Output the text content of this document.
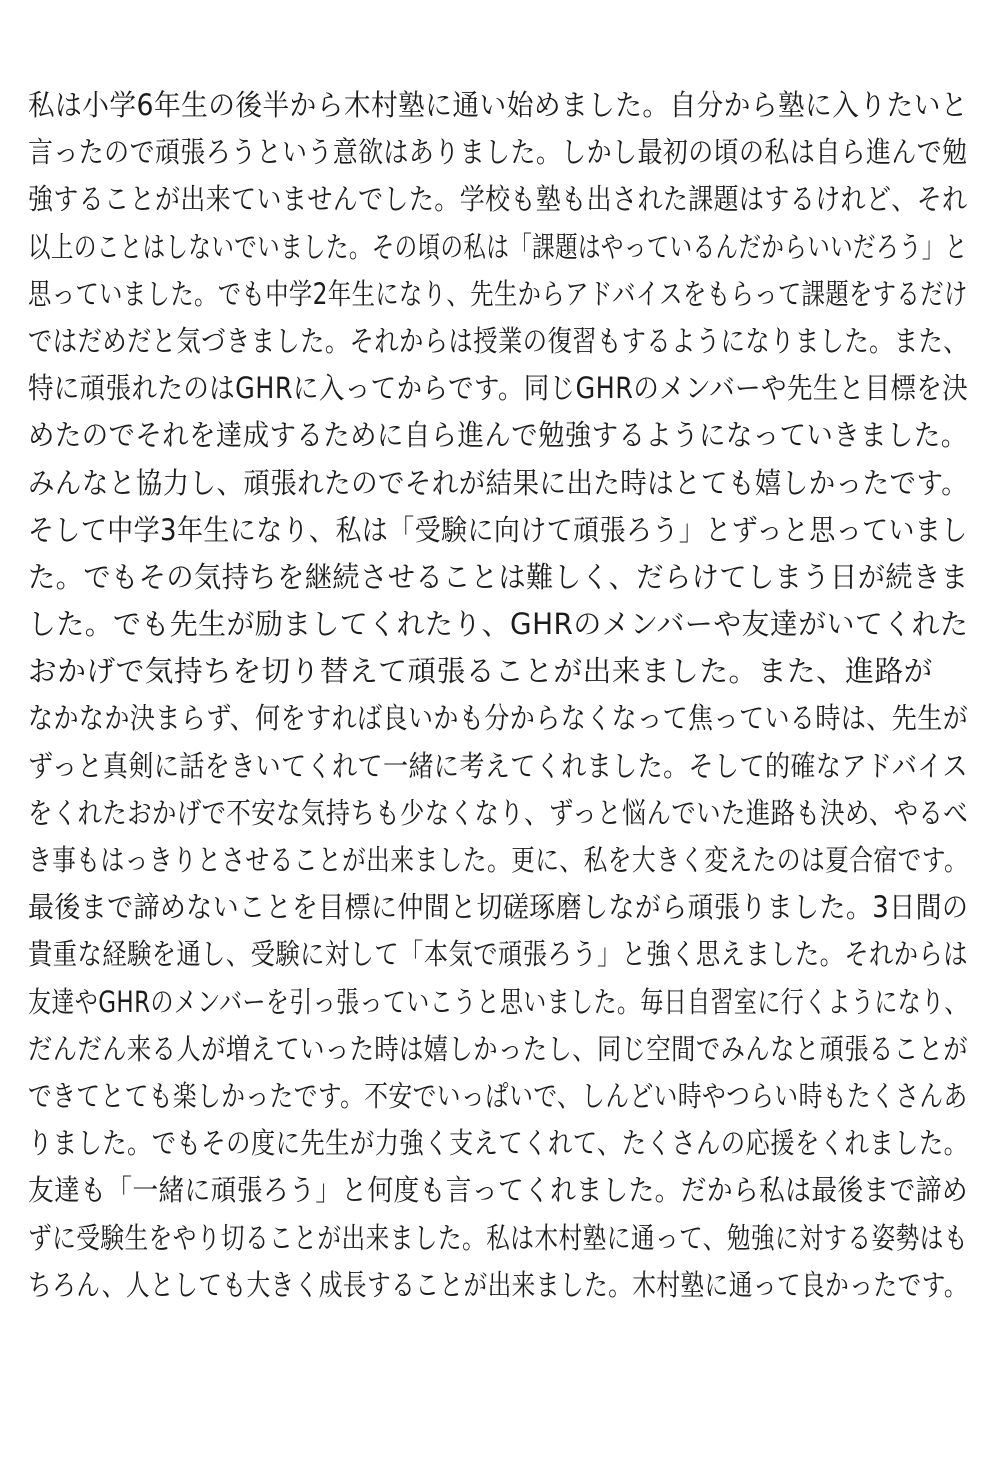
私は小学6年生の後半から木村塾に通い始めました。自分から塾に入りたいと
言ったので頑張ろうという意欲はありました。しかし最初の頃の私は自ら進んで勉
強することが出来ていませんでした。学校も塾も出された課題はするけれど、それ
以上のことはしないでいました。その頃の私は「課題はやっているんだからいいだろう」と
思っていました。でも中学2年生になり、先生からアドバイスをもらって課題をするだけ
ではだめだと気づきました。それからは授業の復習もするようになりました。また、
特に頑張れたのはGHRに入ってからです。同じGHRのメンバーや先生と目標を決
めたのでそれを達成するために自ら進んで勉強するようになっていきました。
みんなと協力し、頑張れたのでそれが結果に出た時はとても嬉しかったです。
そして中学3年生になり、私は「受験に向けて頑張ろう」とずっと思っていまし
た。でもその気持ちを継続させることは難しく、だらけてしまう日が続きま
した。でも先生が励ましてくれたり、GHRのメンバーや友達がいてくれた
おかげで気持ちを切り替えて頑張ることが出来ました。また、進路が
なかなか決まらず、何をすれば良いかも分からなくなって焦っている時は、先生が
ずっと真剣に話をきいてくれて一緒に考えてくれました。そして的確なアドバイス
をくれたおかげで不安な気持ちも少なくなり、ずっと悩んでいた進路も決め、やるべ
き事もはっきりとさせることが出来ました。更に、私を大きく変えたのは夏合宿です。
最後まで諦めないことを目標に仲間と切磋琢磨しながら頑張りました。3日間の
貴重な経験を通し、受験に対して「本気で頑張ろう」と強く思えました。それからは
友達やGHRのメンバーを引っ張っていこうと思いました。毎日自習室に行くようになり、
だんだん来る人が増えていった時は嬉しかったし、同じ空間でみんなと頑張ることが
できてとても楽しかったです。不安でいっぱいで、しんどい時やつらい時もたくさんあ
りました。でもその度に先生が力強く支えてくれて、たくさんの応援をくれました。
友達も「一緒に頑張ろう」と何度も言ってくれました。だから私は最後まで諦め
ずに受験生をやり切ることが出来ました。私は木村塾に通って、勉強に対する姿勢はも
ちろん、人としても大きく成長することが出来ました。木村塾に通って良かったです。
